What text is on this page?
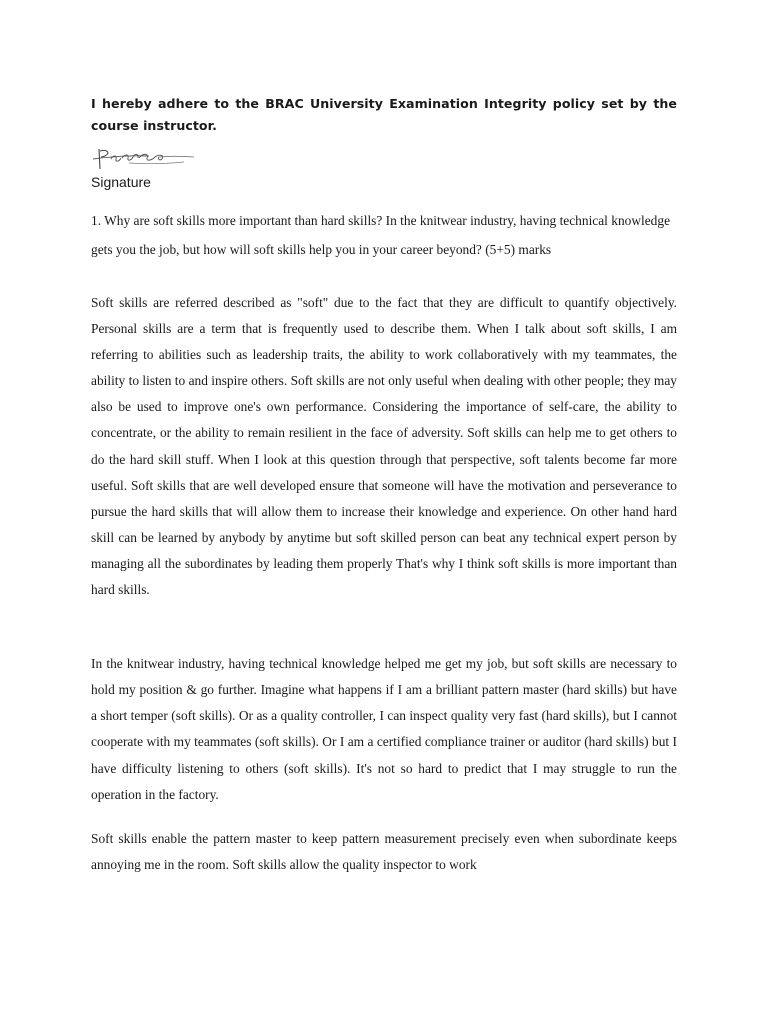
I hereby adhere to the BRAC University Examination Integrity policy set by the course instructor.

Signature

1. Why are soft skills more important than hard skills? In the knitwear industry, having technical knowledge gets you the job, but how will soft skills help you in your career beyond? (5+5) marks

Soft skills are referred described as "soft" due to the fact that they are difficult to quantify objectively. Personal skills are a term that is frequently used to describe them. When I talk about soft skills, I am referring to abilities such as leadership traits, the ability to work collaboratively with my teammates, the ability to listen to and inspire others. Soft skills are not only useful when dealing with other people; they may also be used to improve one's own performance. Considering the importance of self-care, the ability to concentrate, or the ability to remain resilient in the face of adversity. Soft skills can help me to get others to do the hard skill stuff. When I look at this question through that perspective, soft talents become far more useful. Soft skills that are well developed ensure that someone will have the motivation and perseverance to pursue the hard skills that will allow them to increase their knowledge and experience. On other hand hard skill can be learned by anybody by anytime but soft skilled person can beat any technical expert person by managing all the subordinates by leading them properly That's why I think soft skills is more important than hard skills.

In the knitwear industry, having technical knowledge helped me get my job, but soft skills are necessary to hold my position & go further. Imagine what happens if I am a brilliant pattern master (hard skills) but have a short temper (soft skills). Or as a quality controller, I can inspect quality very fast (hard skills), but I cannot cooperate with my teammates (soft skills). Or I am a certified compliance trainer or auditor (hard skills) but I have difficulty listening to others (soft skills). It's not so hard to predict that I may struggle to run the operation in the factory.

Soft skills enable the pattern master to keep pattern measurement precisely even when subordinate keeps annoying me in the room. Soft skills allow the quality inspector to work
